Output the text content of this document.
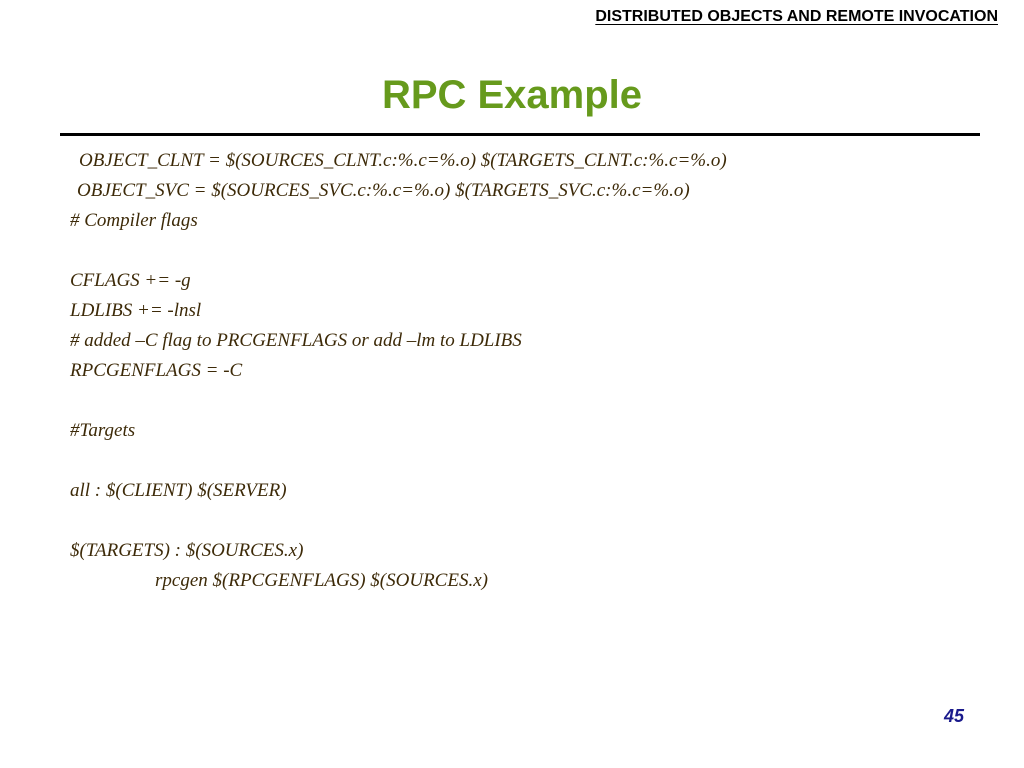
DISTRIBUTED OBJECTS AND REMOTE INVOCATION
RPC Example
OBJECT_CLNT = $(SOURCES_CLNT.c:%.c=%.o) $(TARGETS_CLNT.c:%.c=%.o)
OBJECT_SVC = $(SOURCES_SVC.c:%.c=%.o) $(TARGETS_SVC.c:%.c=%.o)
# Compiler flags
CFLAGS += -g
LDLIBS += -lnsl
# added –C flag to PRCGENFLAGS or add –lm to LDLIBS
RPCGENFLAGS = -C
#Targets
all : $(CLIENT) $(SERVER)
$(TARGETS) : $(SOURCES.x)
rpcgen $(RPCGENFLAGS) $(SOURCES.x)
45
